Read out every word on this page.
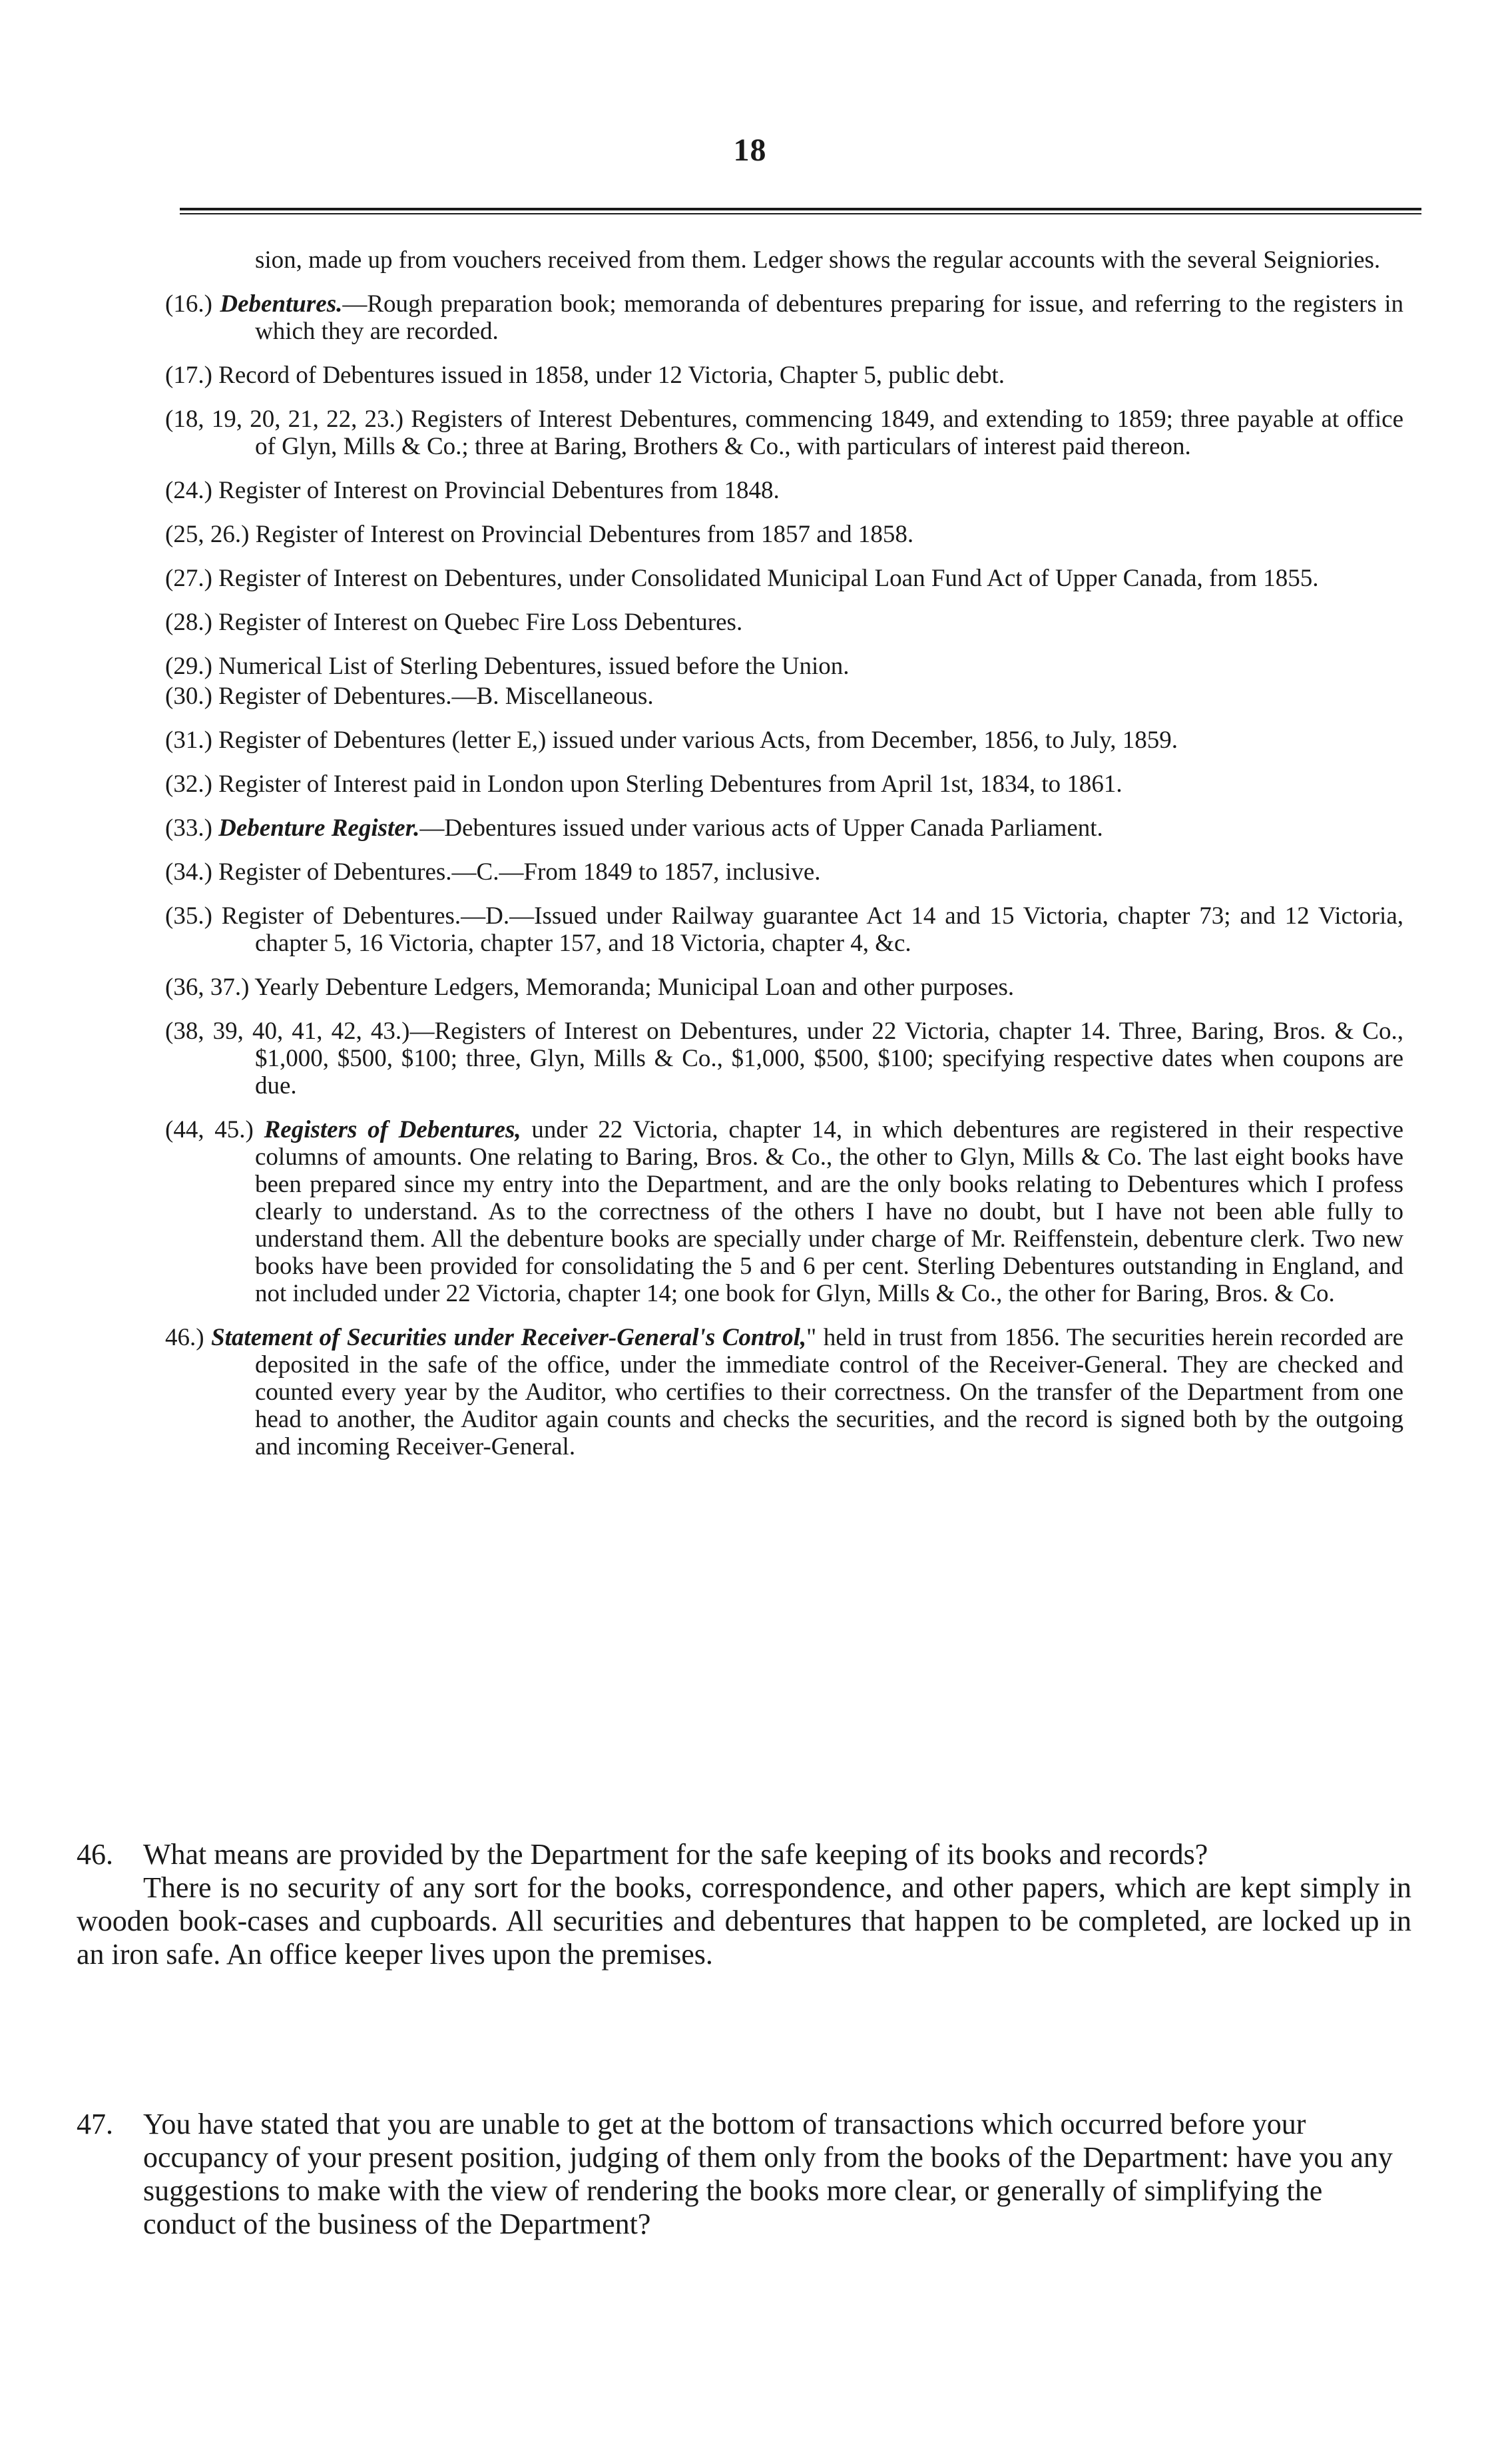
18

sion, made up from vouchers received from them. Ledger shows the regular accounts with the several Seigniories.

(16.) Debentures.—Rough preparation book; memoranda of debentures preparing for issue, and referring to the registers in which they are recorded.

(17.) Record of Debentures issued in 1858, under 12 Victoria, Chapter 5, public debt.

(18, 19, 20, 21, 22, 23.) Registers of Interest Debentures, commencing 1849, and extending to 1859; three payable at office of Glyn, Mills & Co.; three at Baring, Brothers & Co., with particulars of interest paid thereon.

(24.) Register of Interest on Provincial Debentures from 1848.

(25, 26.) Register of Interest on Provincial Debentures from 1857 and 1858.

(27.) Register of Interest on Debentures, under Consolidated Municipal Loan Fund Act of Upper Canada, from 1855.

(28.) Register of Interest on Quebec Fire Loss Debentures.

(29.) Numerical List of Sterling Debentures, issued before the Union.

(30.) Register of Debentures.—B. Miscellaneous.

(31.) Register of Debentures (letter E,) issued under various Acts, from December, 1856, to July, 1859.

(32.) Register of Interest paid in London upon Sterling Debentures from April 1st, 1834, to 1861.

(33.) Debenture Register.—Debentures issued under various acts of Upper Canada Parliament.

(34.) Register of Debentures.—C.—From 1849 to 1857, inclusive.

(35.) Register of Debentures.—D.—Issued under Railway guarantee Act 14 and 15 Victoria, chapter 73; and 12 Victoria, chapter 5, 16 Victoria, chapter 157, and 18 Victoria, chapter 4, &c.

(36, 37.) Yearly Debenture Ledgers, Memoranda; Municipal Loan and other purposes.

(38, 39, 40, 41, 42, 43.)—Registers of Interest on Debentures, under 22 Victoria, chapter 14. Three, Baring, Bros. & Co., $1,000, $500, $100; three, Glyn, Mills & Co., $1,000, $500, $100; specifying respective dates when coupons are due.

(44, 45.) Registers of Debentures, under 22 Victoria, chapter 14, in which debentures are registered in their respective columns of amounts. One relating to Baring, Bros. & Co., the other to Glyn, Mills & Co. The last eight books have been prepared since my entry into the Department, and are the only books relating to Debentures which I profess clearly to understand. As to the correctness of the others I have no doubt, but I have not been able fully to understand them. All the debenture books are specially under charge of Mr. Reiffenstein, debenture clerk. Two new books have been provided for consolidating the 5 and 6 per cent. Sterling Debentures outstanding in England, and not included under 22 Victoria, chapter 14; one book for Glyn, Mills & Co., the other for Baring, Bros. & Co.

46.) Statement of Securities under Receiver-General's Control," held in trust from 1856. The securities herein recorded are deposited in the safe of the office, under the immediate control of the Receiver-General. They are checked and counted every year by the Auditor, who certifies to their correctness. On the transfer of the Department from one head to another, the Auditor again counts and checks the securities, and the record is signed both by the outgoing and incoming Receiver-General.

46. What means are provided by the Department for the safe keeping of its books and records?

There is no security of any sort for the books, correspondence, and other papers, which are kept simply in wooden book-cases and cupboards. All securities and debentures that happen to be completed, are locked up in an iron safe. An office keeper lives upon the premises.

47. You have stated that you are unable to get at the bottom of transactions which occurred before your occupancy of your present position, judging of them only from the books of the Department: have you any suggestions to make with the view of rendering the books more clear, or generally of simplifying the conduct of the business of the Department?
